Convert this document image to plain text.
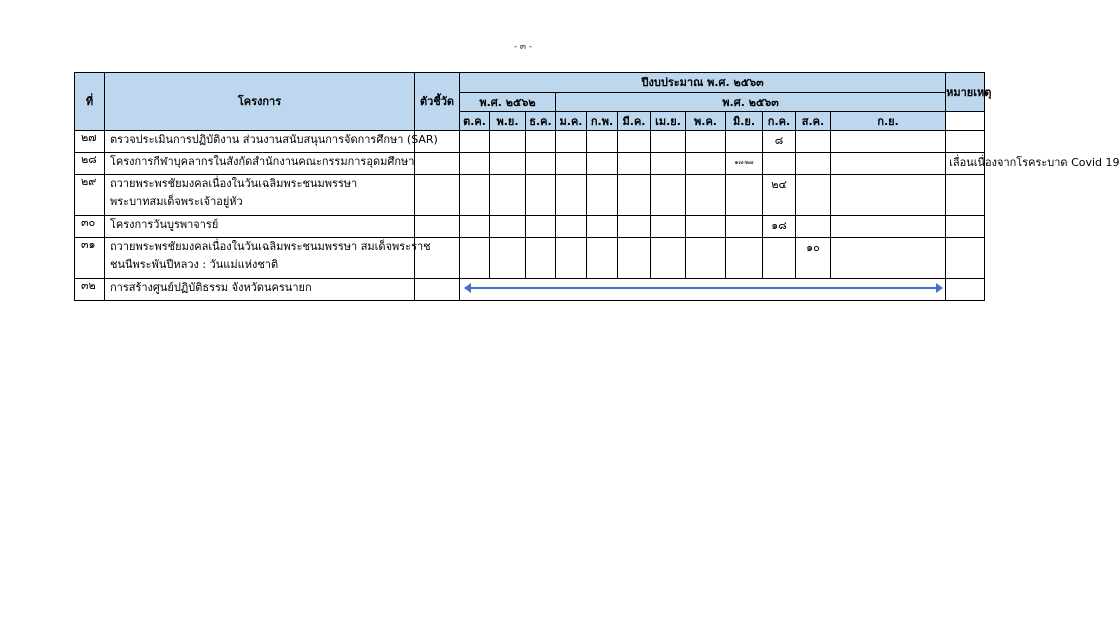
- ๓ -
ที่	โครงการ	ตัวชี้วัด	ปีงบประมาณ พ.ศ. ๒๕๖๓												หมายเหตุ
			พ.ศ. ๒๕๖๒			พ.ศ. ๒๕๖๓									
			ต.ค.	พ.ย.	ธ.ค.	ม.ค.	ก.พ.	มี.ค.	เม.ย.	พ.ค.	มิ.ย.	ก.ค.	ส.ค.	ก.ย.	
๒๗	ตรวจประเมินการปฏิบัติงาน ส่วนงานสนับสนุนการจัดการศึกษา (SAR)											๘			
๒๘	โครงการกีฬาบุคลากรในสังกัดสำนักงานคณะกรรมการอุดมศึกษา										๑๗-๒๗				เลื่อนเนื่องจากโรคระบาด Covid 19
๒๙	ถวายพระพรชัยมงคลเนื่องในวันเฉลิมพระชนมพรรษา
พระบาทสมเด็จพระเจ้าอยู่หัว											๒๔			
๓๐	โครงการวันบูรพาจารย์											๑๘			
๓๑	ถวายพระพรชัยมงคลเนื่องในวันเฉลิมพระชนมพรรษา สมเด็จพระราช
ชนนีพระพันปีหลวง : วันแม่แห่งชาติ												๑๐		
๓๒	การสร้างศูนย์ปฏิบัติธรรม จังหวัดนครนายก														
